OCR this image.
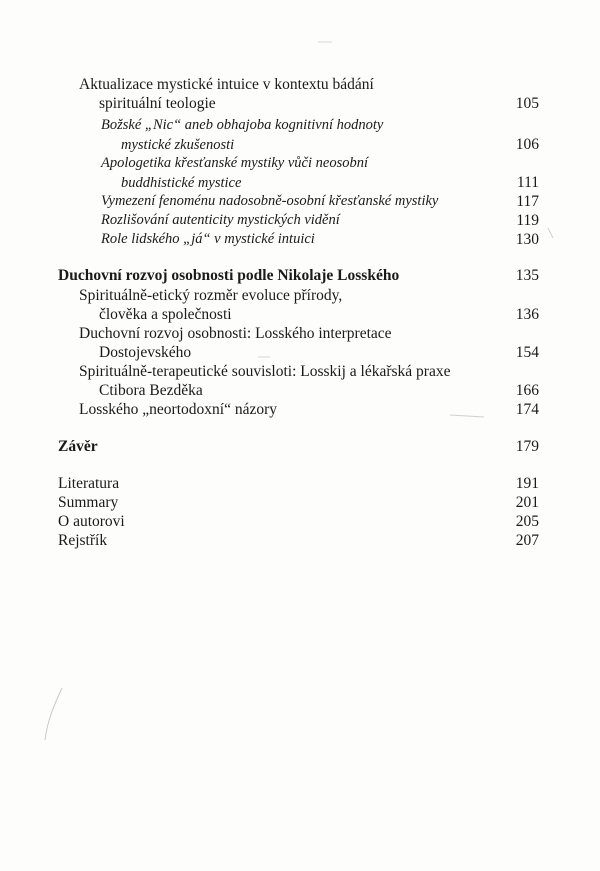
Aktualizace mystické intuice v kontextu bádání
spirituální teologie	105
Božské „Nic“ aneb obhajoba kognitivní hodnoty
mystické zkušenosti	106
Apologetika křesťanské mystiky vůči neosobní
buddhistické mystice	111
Vymezení fenoménu nadosobně-osobní křesťanské mystiky	117
Rozlišování autenticity mystických vidění	119
Role lidského „já“ v mystické intuici	130
Duchovní rozvoj osobnosti podle Nikolaje Losského	135
Spirituálně-etický rozměr evoluce přírody,
člověka a společnosti	136
Duchovní rozvoj osobnosti: Losského interpretace
Dostojevského	154
Spirituálně-terapeutické souvisloti: Losskij a lékařská praxe
Ctibora Bezděka	166
Losského „neortodoxní“ názory	174
Závěr	179
Literatura	191
Summary	201
O autorovi	205
Rejstřík	207
